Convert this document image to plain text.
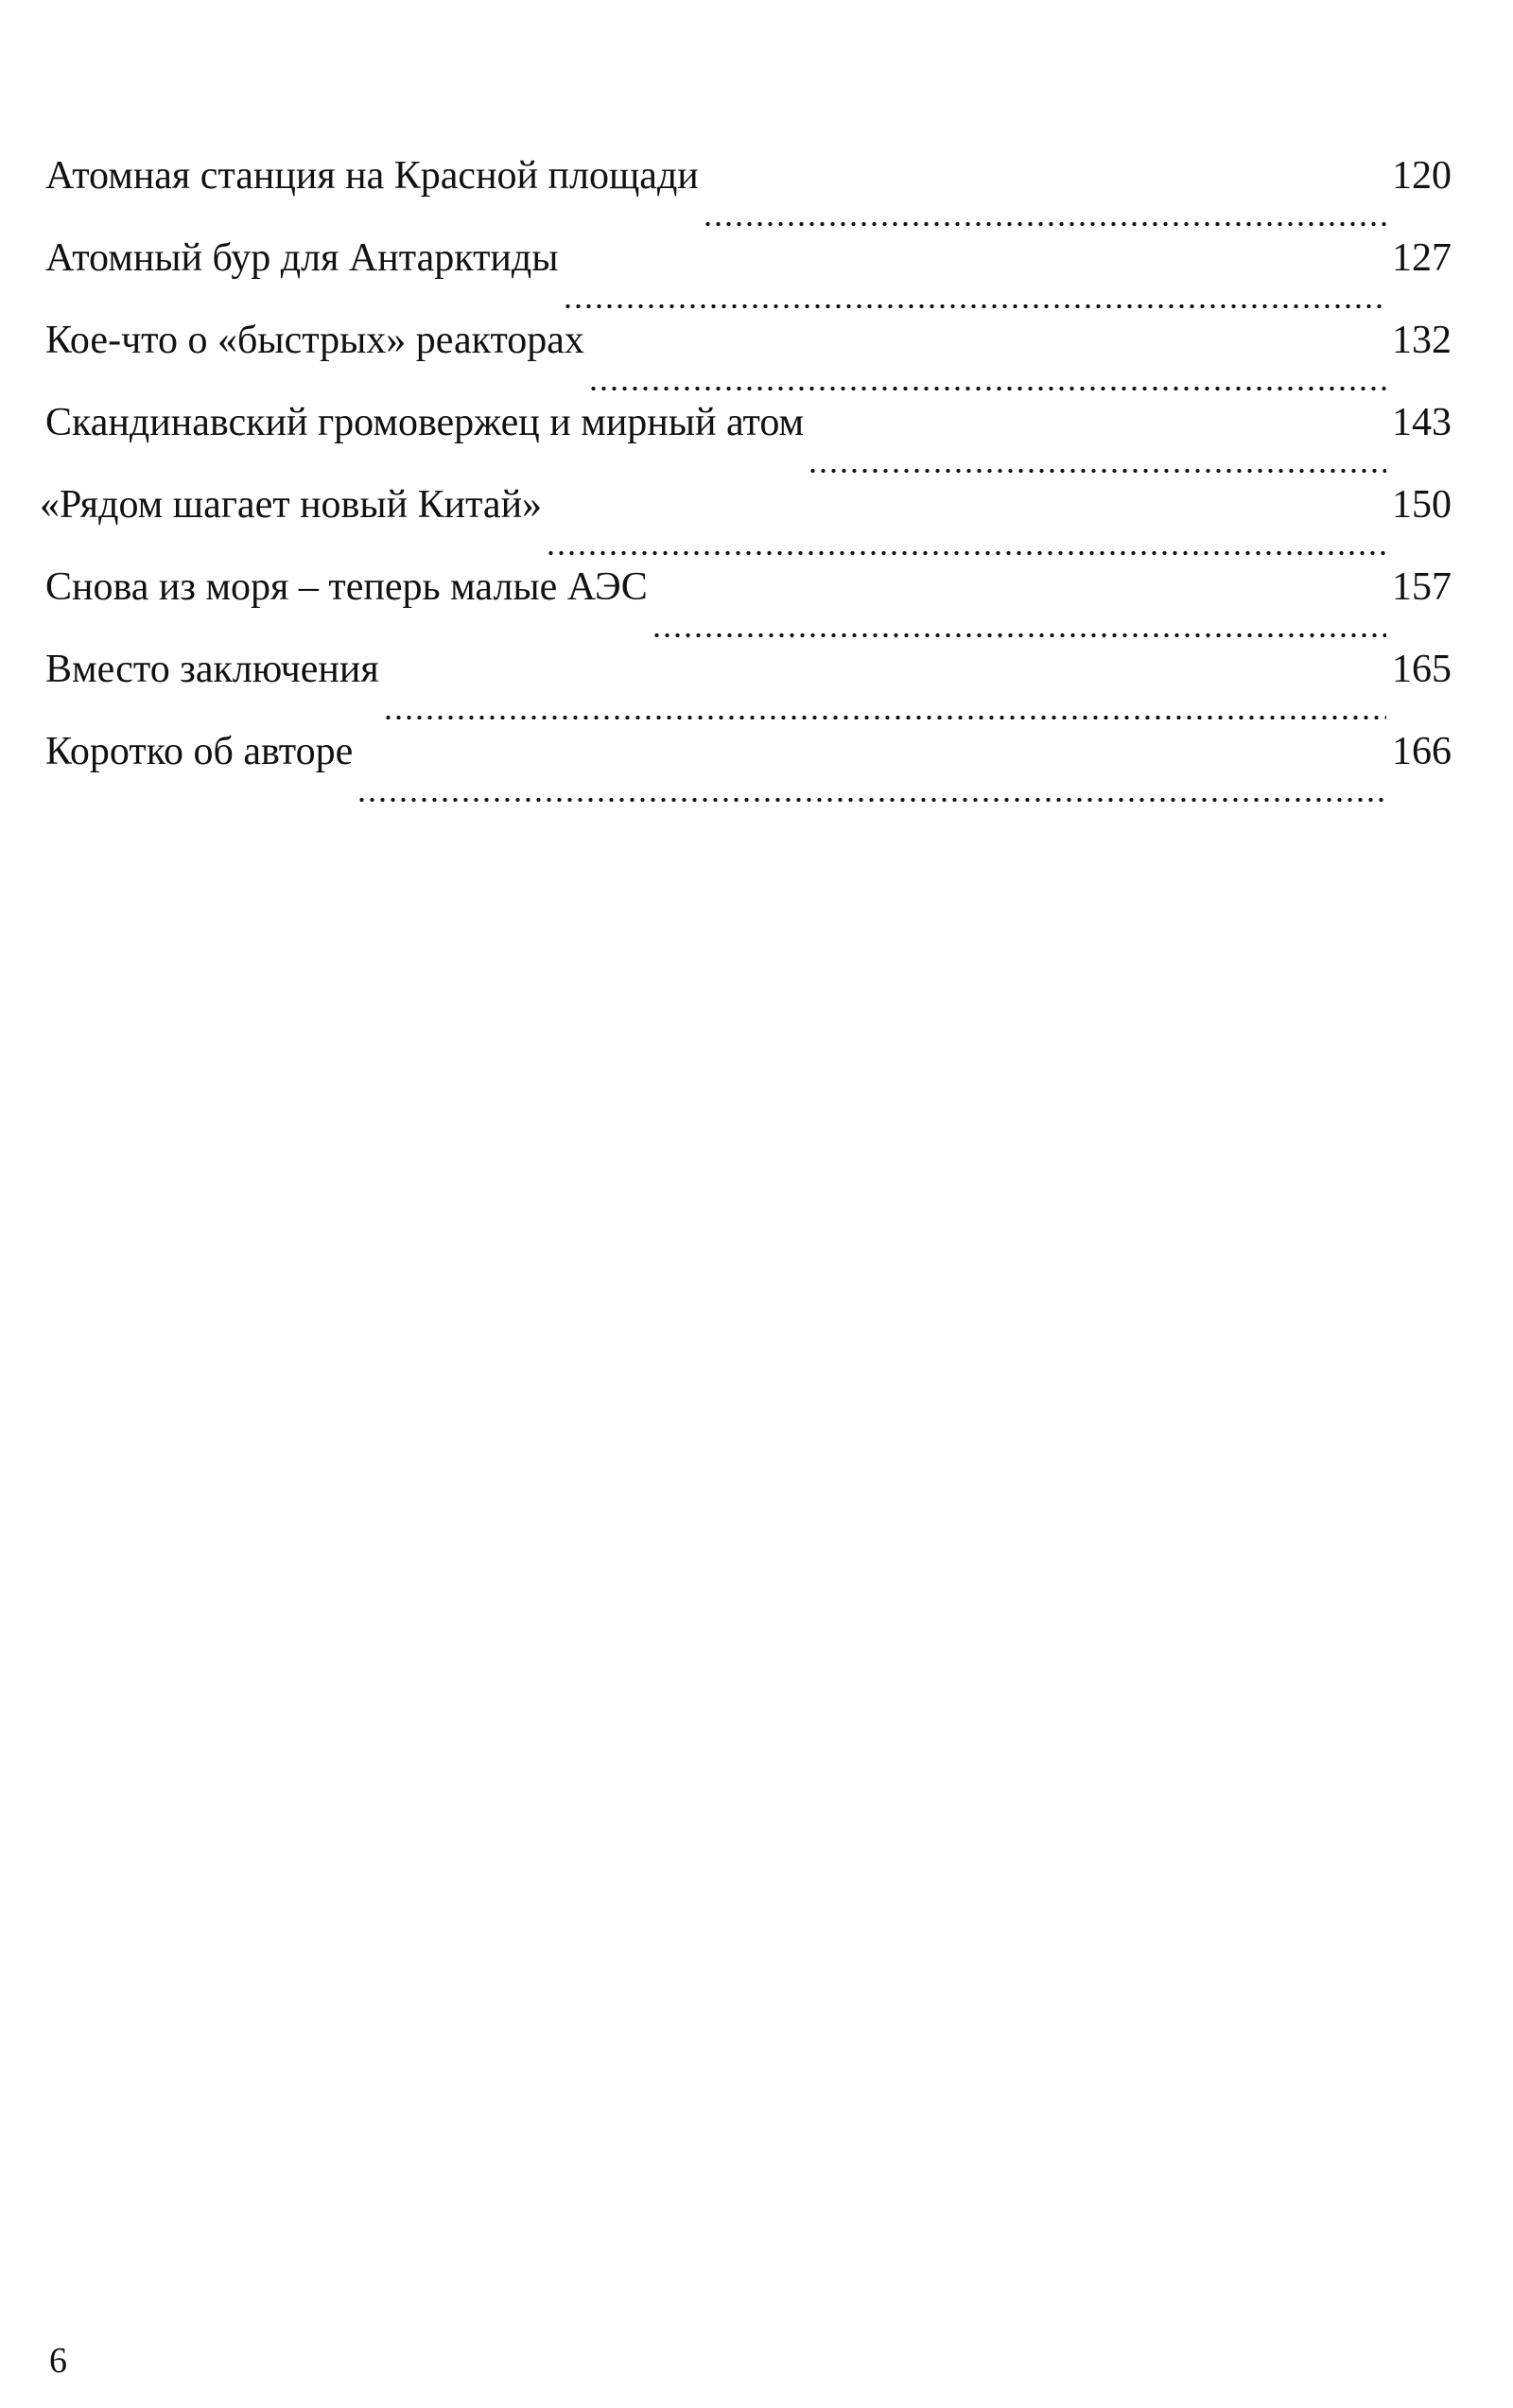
Атомная станция на Красной площади	120
Атомный бур для Антарктиды	127
Кое-что о «быстрых» реакторах	132
Скандинавский громовержец и мирный атом	143
«Рядом шагает новый Китай»	150
Снова из моря – теперь малые АЭС	157
Вместо заключения	165
Коротко об авторе	166
6
